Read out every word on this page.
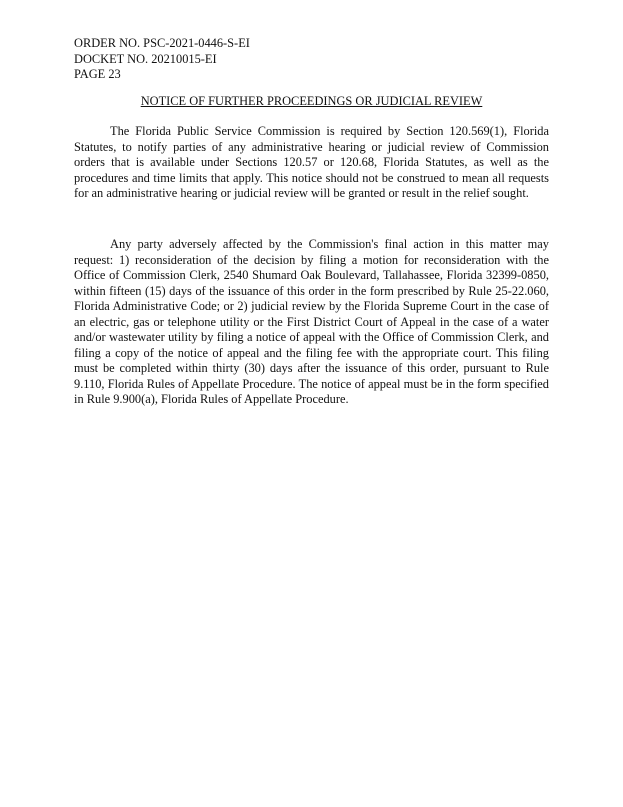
ORDER NO. PSC-2021-0446-S-EI
DOCKET NO. 20210015-EI
PAGE 23
NOTICE OF FURTHER PROCEEDINGS OR JUDICIAL REVIEW

The Florida Public Service Commission is required by Section 120.569(1), Florida Statutes, to notify parties of any administrative hearing or judicial review of Commission orders that is available under Sections 120.57 or 120.68, Florida Statutes, as well as the procedures and time limits that apply. This notice should not be construed to mean all requests for an administrative hearing or judicial review will be granted or result in the relief sought.

Any party adversely affected by the Commission's final action in this matter may request: 1) reconsideration of the decision by filing a motion for reconsideration with the Office of Commission Clerk, 2540 Shumard Oak Boulevard, Tallahassee, Florida 32399-0850, within fifteen (15) days of the issuance of this order in the form prescribed by Rule 25-22.060, Florida Administrative Code; or 2) judicial review by the Florida Supreme Court in the case of an electric, gas or telephone utility or the First District Court of Appeal in the case of a water and/or wastewater utility by filing a notice of appeal with the Office of Commission Clerk, and filing a copy of the notice of appeal and the filing fee with the appropriate court. This filing must be completed within thirty (30) days after the issuance of this order, pursuant to Rule 9.110, Florida Rules of Appellate Procedure. The notice of appeal must be in the form specified in Rule 9.900(a), Florida Rules of Appellate Procedure.
